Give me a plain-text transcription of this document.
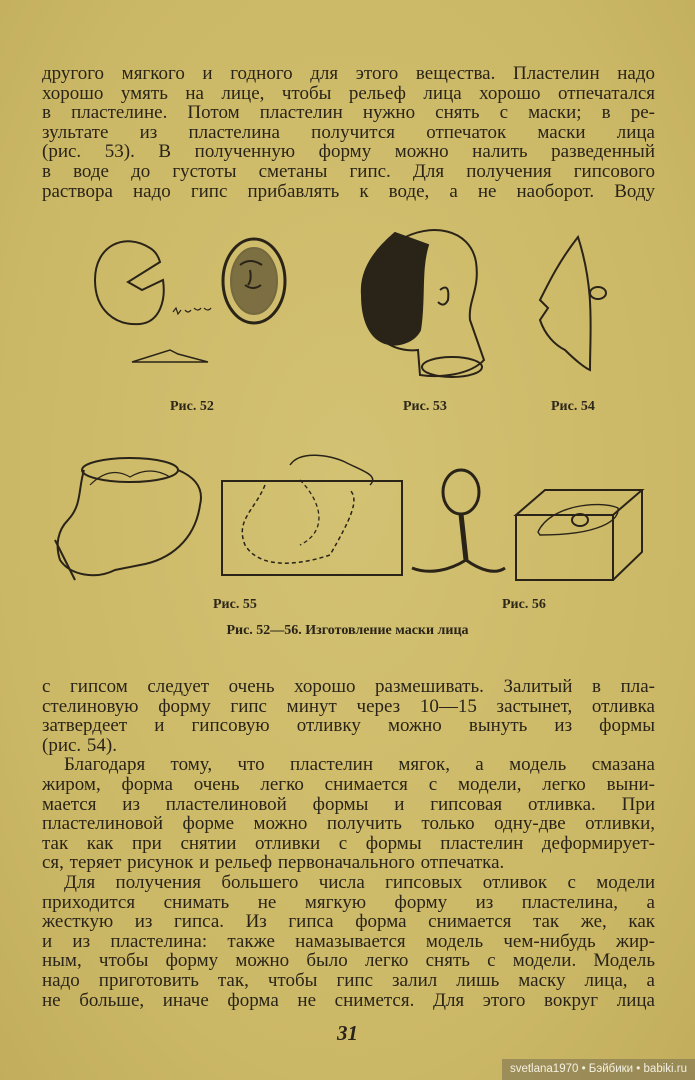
другого мягкого и годного для этого вещества. Пластелин надо
хорошо умять на лице, чтобы рельеф лица хорошо отпечатался
в пластелине. Потом пластелин нужно снять с маски; в ре-
зультате из пластелина получится отпечаток маски лица
(рис. 53). В полученную форму можно налить разведенный
в воде до густоты сметаны гипс. Для получения гипсового
раствора надо гипс прибавлять к воде, а не наоборот. Воду
Рис. 52	Рис. 53	Рис. 54
Рис. 55	Рис. 56
Рис. 52—56. Изготовление маски лица
с гипсом следует очень хорошо размешивать. Залитый в пла-
стелиновую форму гипс минут через 10—15 застынет, отливка
затвердеет и гипсовую отливку можно вынуть из формы
(рис. 54).
Благодаря тому, что пластелин мягок, а модель смазана
жиром, форма очень легко снимается с модели, легко выни-
мается из пластелиновой формы и гипсовая отливка. При
пластелиновой форме можно получить только одну-две отливки,
так как при снятии отливки с формы пластелин деформирует-
ся, теряет рисунок и рельеф первоначального отпечатка.
Для получения большего числа гипсовых отливок с модели
приходится снимать не мягкую форму из пластелина, а
жесткую из гипса. Из гипса форма снимается так же, как
и из пластелина: также намазывается модель чем-нибудь жир-
ным, чтобы форму можно было легко снять с модели. Модель
надо приготовить так, чтобы гипс залил лишь маску лица, а
не больше, иначе форма не снимется. Для этого вокруг лица
31
svetlana1970 • Бэйбики • babiki.ru
